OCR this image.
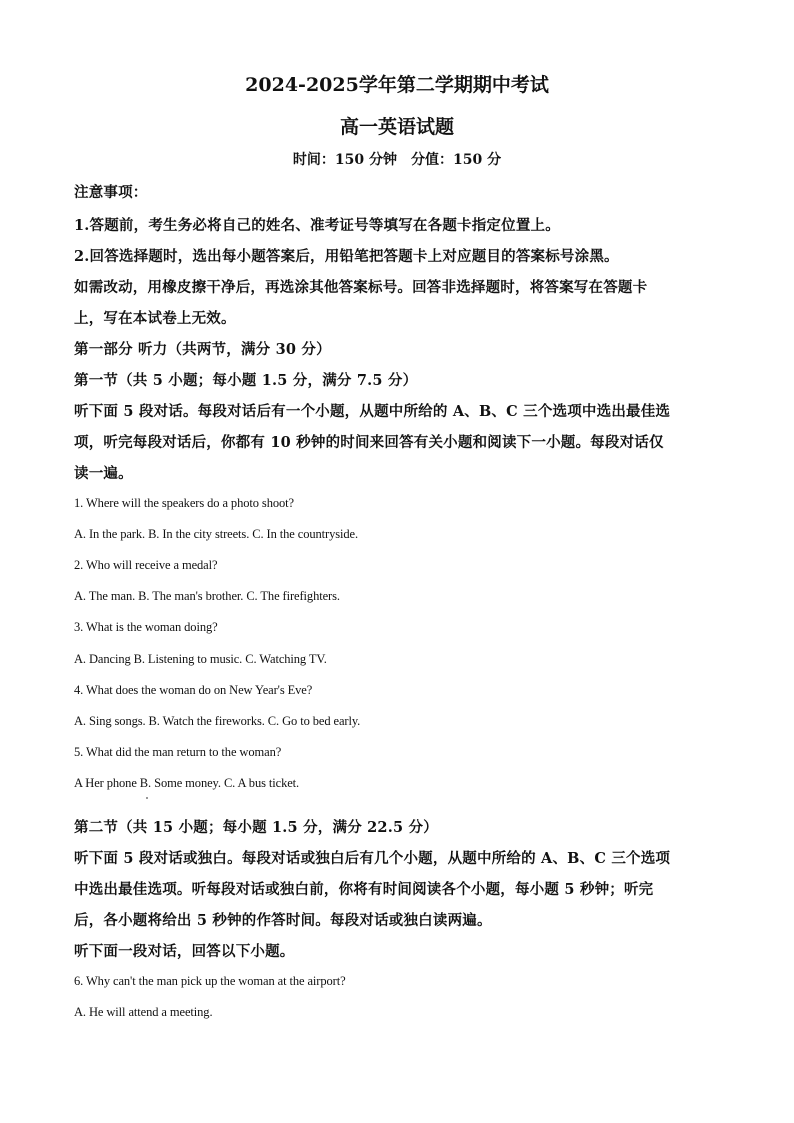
2024-2025学年第二学期期中考试
高一英语试题
时间：150 分钟　分值：150 分
注意事项：
1.答题前，考生务必将自己的姓名、准考证号等填写在各题卡指定位置上。
2.回答选择题时，选出每小题答案后，用铅笔把答题卡上对应题目的答案标号涂黑。
如需改动，用橡皮擦干净后，再选涂其他答案标号。回答非选择题时，将答案写在答题卡
上，写在本试卷上无效。
第一部分 听力（共两节，满分 30 分）
第一节（共 5 小题；每小题 1.5 分，满分 7.5 分）
听下面 5 段对话。每段对话后有一个小题，从题中所给的 A、B、C 三个选项中选出最佳选
项，听完每段对话后，你都有 10 秒钟的时间来回答有关小题和阅读下一小题。每段对话仅
读一遍。
1. Where will the speakers do a photo shoot?
A. In the park. B. In the city streets. C. In the countryside.
2. Who will receive a medal?
A. The man. B. The man's brother. C. The firefighters.
3. What is the woman doing?
A. Dancing B. Listening to music. C. Watching TV.
4. What does the woman do on New Year's Eve?
A. Sing songs. B. Watch the fireworks. C. Go to bed early.
5. What did the man return to the woman?
A Her phone B. Some money. C. A bus ticket.
第二节（共 15 小题；每小题 1.5 分，满分 22.5 分）
听下面 5 段对话或独白。每段对话或独白后有几个小题，从题中所给的 A、B、C 三个选项
中选出最佳选项。听每段对话或独白前，你将有时间阅读各个小题，每小题 5 秒钟；听完
后，各小题将给出 5 秒钟的作答时间。每段对话或独白读两遍。
听下面一段对话，回答以下小题。
6. Why can't the man pick up the woman at the airport?
A. He will attend a meeting.
